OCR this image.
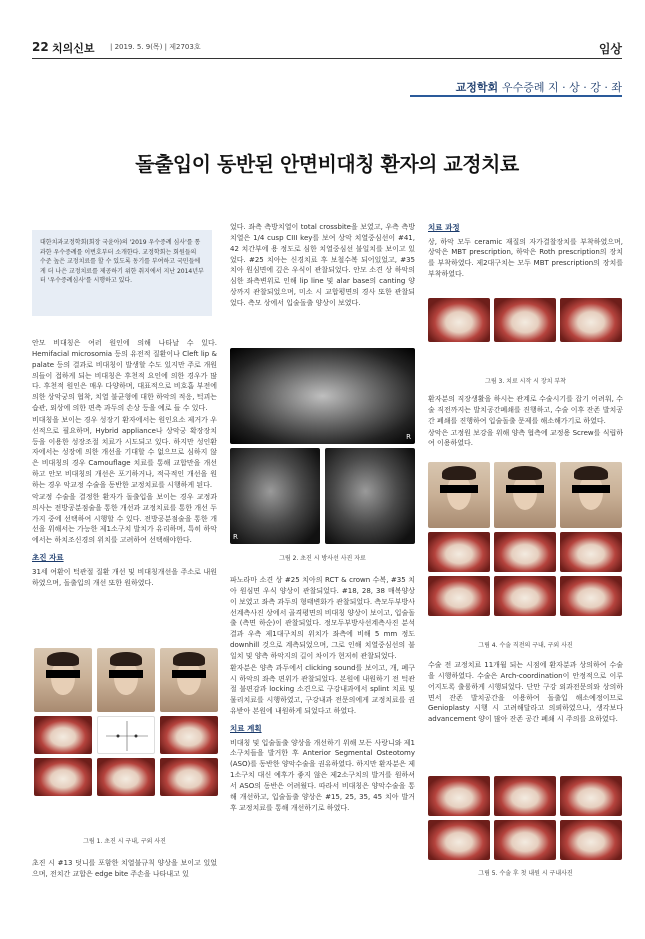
22 치의신보 | 2019. 5. 9(목) | 제2703호	임상
교정학회 우수증례 지 · 상 · 강 · 좌
돌출입이 동반된 안면비대칭 환자의 교정치료
대한치과교정학회(회장 국윤아)의 '2019 우수증례 심사'를 통과한 우수증례를 이번호부터 소개한다. 교정학회는 회원들의 수준 높은 교정치료를 할 수 있도록 동기를 부여하고 국민들에게 더 나은 교정치료를 제공하기 위한 취지에서 지난 2014년부터 '우수증례심사'를 시행하고 있다.

안모 비대칭은 여러 원인에 의해 나타날 수 있다. Hemifacial microsomia 등의 유전적 질환이나 Cleft lip & palate 등의 결과로 비대칭이 발생할 수도 있지만 주로 개원의들이 접하게 되는 비대칭은 후천적 요인에 의한 경우가 많다. 후천적 원인은 매우 다양하며, 대표적으로 비호흡 부전에 의한 상악궁의 협착, 치열 불균형에 대한 하악의 적응, 턱괴는 습관, 외상에 의한 편측 과두의 손상 등을 예로 들 수 있다.

비대칭을 보이는 경우 성장기 환자에서는 원인요소 제거가 우선적으로 필요하며, Hybrid appliance나 상악궁 확장장치 등을 이용한 성장조절 치료가 시도되고 있다. 하지만 성인환자에서는 성장에 의한 개선을 기대할 수 없으므로 심하지 않은 비대칭의 경우 Camouflage 치료를 통해 교합만을 개선하고 안모 비대칭의 개선은 포기하거나, 적극적인 개선을 원하는 경우 악교정 수술을 동반한 교정치료를 시행하게 된다.

악교정 수술을 결정한 환자가 돌출입을 보이는 경우 교정과 의사는 전방공분점술을 통한 개선과 교정치료를 통한 개선 두 가지 중에 선택하여 시행할 수 있다. 전방공분점술을 통한 개선을 위해서는 가능한 제1소구치 발치가 유리하며, 특히 하악에서는 하치조신경의 위치를 고려하여 선택해야한다.

초진 자료

31세 여환이 턱관절 질환 개선 및 비대칭개선을 주소로 내원하였으며, 돌출입의 개선 또한 원하였다.

그림 1. 초진 시 구내, 구외 사진

초진 시 #13 덧니를 포함한 치열불규칙 양상을 보이고 있었으며, 전치간 교합은 edge bite 주손을 나타내고 있

었다. 좌측 측방치열이 total crossbite을 보였고, 우측 측방치열은 1/4 cusp CIII key를 보여 상악 치열중심선이 #41, 42 치간부에 용 정도로 심한 치열중심선 불일치를 보이고 있었다. #25 치아는 신경치료 후 보철수복 되어있었고, #35 치아 원심면에 깊은 우식이 관찰되었다. 안모 소견 상 하악의 심한 좌측변위로 인해 lip line 및 alar base의 canting 양상까지 관찰되었으며, 미소 시 교합평면의 경사 또한 관찰되었다. 측모 상에서 입술돌출 양상이 보였다.

R
R
그림 2. 초진 시 방사선 사진 자료

파노라마 소견 상 #25 치아의 RCT & crown 수복, #35 치아 원심면 우식 양상이 관찰되었다. #18, 28, 38 매복양상이 보였고 좌측 과두의 형태변화가 관찰되었다. 측모두부방사선계측사진 상에서 골격평면의 비대칭 양상이 보이고, 입술돌출 (측면 하순)이 관찰되었다. 정모두부방사선계측사진 분석 결과 우측 제1대구치의 위치가 좌측에 비해 5 mm 정도 downhill 것으로 계측되었으며, 그로 인해 치열중심선의 불일치 및 양측 하악지의 길이 차이가 현저히 관찰되었다.

환자분은 양측 과두에서 clicking sound를 보이고, 개, 폐구시 하악의 좌측 편위가 관찰되었다. 본원에 내원하기 전 턱관절 불편감과 locking 소견으로 구강내과에서 splint 치료 및 물리치료를 시행하였고, 구강내과 전문의에게 교정치료를 권유받아 본원에 내원하게 되었다고 하였다.

치료 계획

비대칭 및 입술돌출 양상을 개선하기 위해 모든 사랑니와 제1소구치들을 발거한 후 Anterior Segmental Osteotomy (ASO)를 동반한 양악수술을 권유하였다. 하지만 환자분은 제1소구치 대신 예후가 좋지 않은 제2소구치의 발거를 원하셔서 ASO의 동반은 어려웠다. 따라서 비대칭은 양악수술을 통해 개선하고, 입술돌출 양상은 #15, 25, 35, 45 치아 발거 후 교정치료를 통해 개선하기로 하였다.

치료 과정

상, 하악 모두 ceramic 재질의 자가결찰장치를 부착하였으며, 상악은 MBT prescription, 하악은 Roth prescription의 장치를 부착하였다. 제2대구치는 모두 MBT prescription의 장치를 부착하였다.

그림 3. 치료 시작 시 장치 부착

환자분의 직장생활을 하시는 관계로 수술시기를 잡기 어려워, 수술 직전까지는 발치공간폐쇄를 진행하고, 수술 이후 잔존 발치공간 폐쇄를 진행하여 입술돌출 문제를 해소해가기로 하였다.

상악은 고정원 보강을 위해 양측 협측에 교정용 Screw를 식립하여 이용하였다.

그림 4. 수술 직전의 구내, 구외 사진

수술 전 교정치료 11개월 되는 시점에 환자분과 상의하여 수술을 시행하였다. 수술은 Arch-coordination이 안정적으로 이루어지도록 출륭하게 시행되었다. 단만 구강 외과전문의와 상의하면서 잔존 발치공간을 이용하여 돌출입 해소예정이므로 Genioplasty 시행 시 고려해달라고 의뢰하였으나, 생각보다 advancement 양이 많아 잔존 공간 폐쇄 시 주의를 요하였다.

그림 5. 수술 후 첫 내원 시 구내사진
